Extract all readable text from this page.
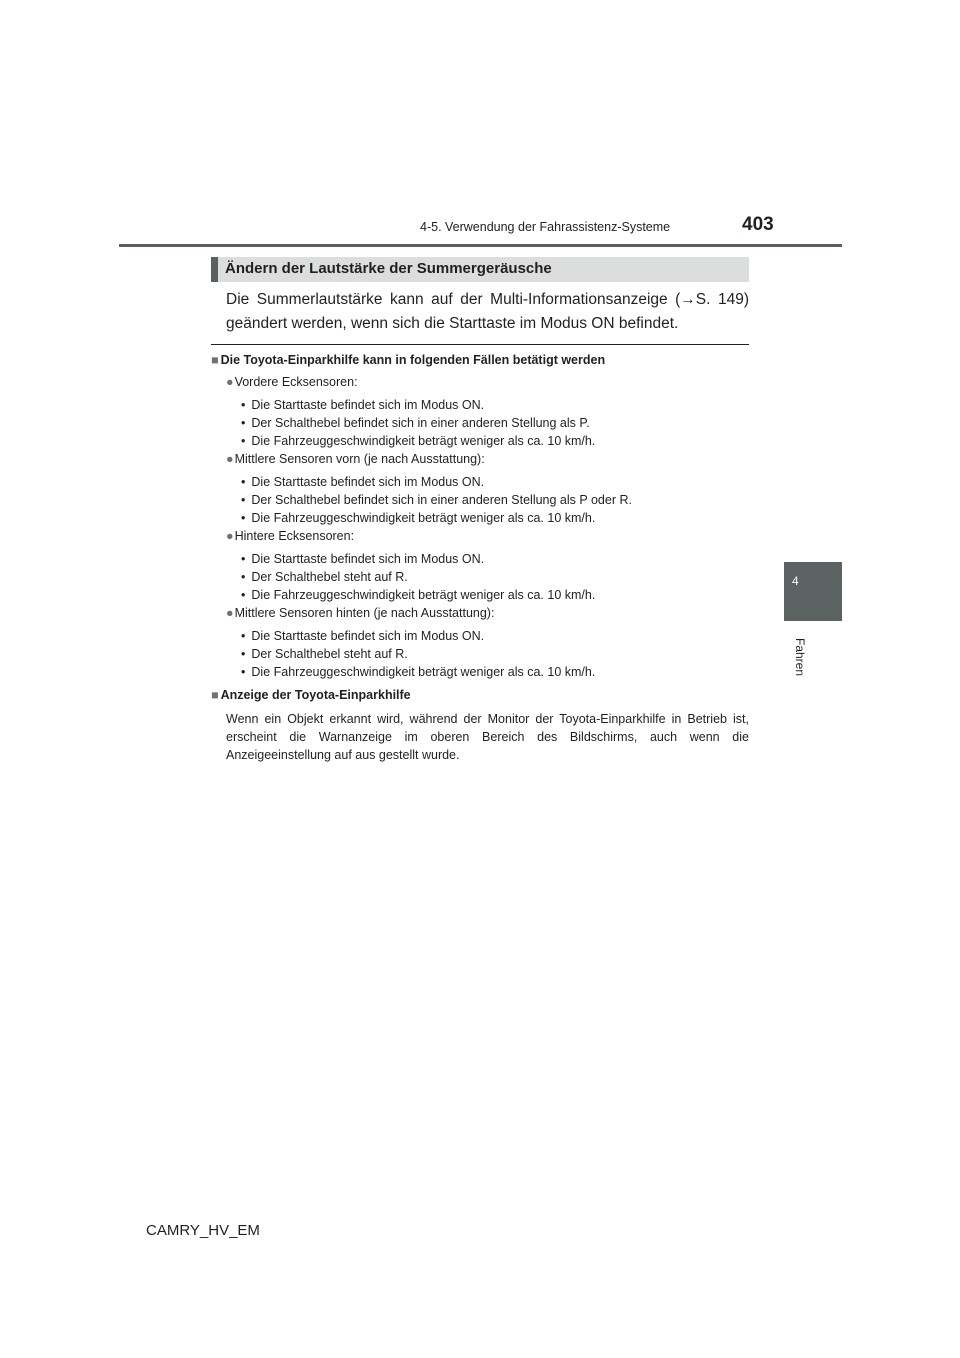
4-5. Verwendung der Fahrassistenz-Systeme	403
4
Fahren
Ändern der Lautstärke der Summergeräusche

Die Summerlautstärke kann auf der Multi-Informationsanzeige (→S. 149) geändert werden, wenn sich die Starttaste im Modus ON befindet.

■ Die Toyota-Einparkhilfe kann in folgenden Fällen betätigt werden
●Vordere Ecksensoren:
• Die Starttaste befindet sich im Modus ON.
• Der Schalthebel befindet sich in einer anderen Stellung als P.
• Die Fahrzeuggeschwindigkeit beträgt weniger als ca. 10 km/h.
●Mittlere Sensoren vorn (je nach Ausstattung):
• Die Starttaste befindet sich im Modus ON.
• Der Schalthebel befindet sich in einer anderen Stellung als P oder R.
• Die Fahrzeuggeschwindigkeit beträgt weniger als ca. 10 km/h.
●Hintere Ecksensoren:
• Die Starttaste befindet sich im Modus ON.
• Der Schalthebel steht auf R.
• Die Fahrzeuggeschwindigkeit beträgt weniger als ca. 10 km/h.
●Mittlere Sensoren hinten (je nach Ausstattung):
• Die Starttaste befindet sich im Modus ON.
• Der Schalthebel steht auf R.
• Die Fahrzeuggeschwindigkeit beträgt weniger als ca. 10 km/h.
■ Anzeige der Toyota-Einparkhilfe

Wenn ein Objekt erkannt wird, während der Monitor der Toyota-Einparkhilfe in Betrieb ist, erscheint die Warnanzeige im oberen Bereich des Bildschirms, auch wenn die Anzeigeeinstellung auf aus gestellt wurde.

CAMRY_HV_EM
